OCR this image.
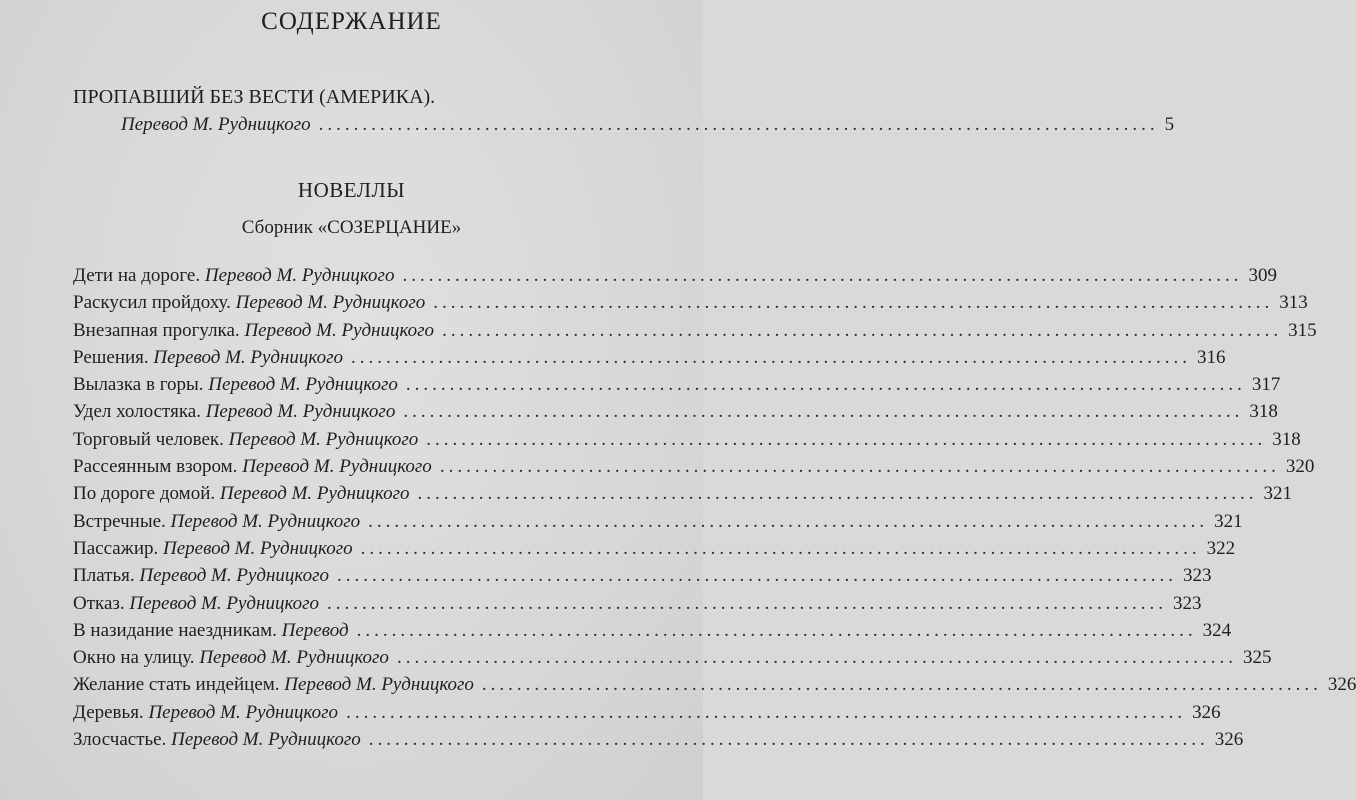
СОДЕРЖАНИЕ
ПРОПАВШИЙ БЕЗ ВЕСТИ (АМЕРИКА).
Перевод М. Рудницкого ................................................................................................ 5
НОВЕЛЛЫ
Сборник «СОЗЕРЦАНИЕ»
Дети на дороге. Перевод М. Рудницкого ................................................................................................ 309
Раскусил пройдоху. Перевод М. Рудницкого ................................................................................................ 313
Внезапная прогулка. Перевод М. Рудницкого ................................................................................................ 315
Решения. Перевод М. Рудницкого ................................................................................................ 316
Вылазка в горы. Перевод М. Рудницкого ................................................................................................ 317
Удел холостяка. Перевод М. Рудницкого ................................................................................................ 318
Торговый человек. Перевод М. Рудницкого ................................................................................................ 318
Рассеянным взором. Перевод М. Рудницкого ................................................................................................ 320
По дороге домой. Перевод М. Рудницкого ................................................................................................ 321
Встречные. Перевод М. Рудницкого ................................................................................................ 321
Пассажир. Перевод М. Рудницкого ................................................................................................ 322
Платья. Перевод М. Рудницкого ................................................................................................ 323
Отказ. Перевод М. Рудницкого ................................................................................................ 323
В назидание наездникам. Перевод ................................................................................................ 324
Окно на улицу. Перевод М. Рудницкого ................................................................................................ 325
Желание стать индейцем. Перевод М. Рудницкого ................................................................................................ 326
Деревья. Перевод М. Рудницкого ................................................................................................ 326
Злосчастье. Перевод М. Рудницкого ................................................................................................ 326
